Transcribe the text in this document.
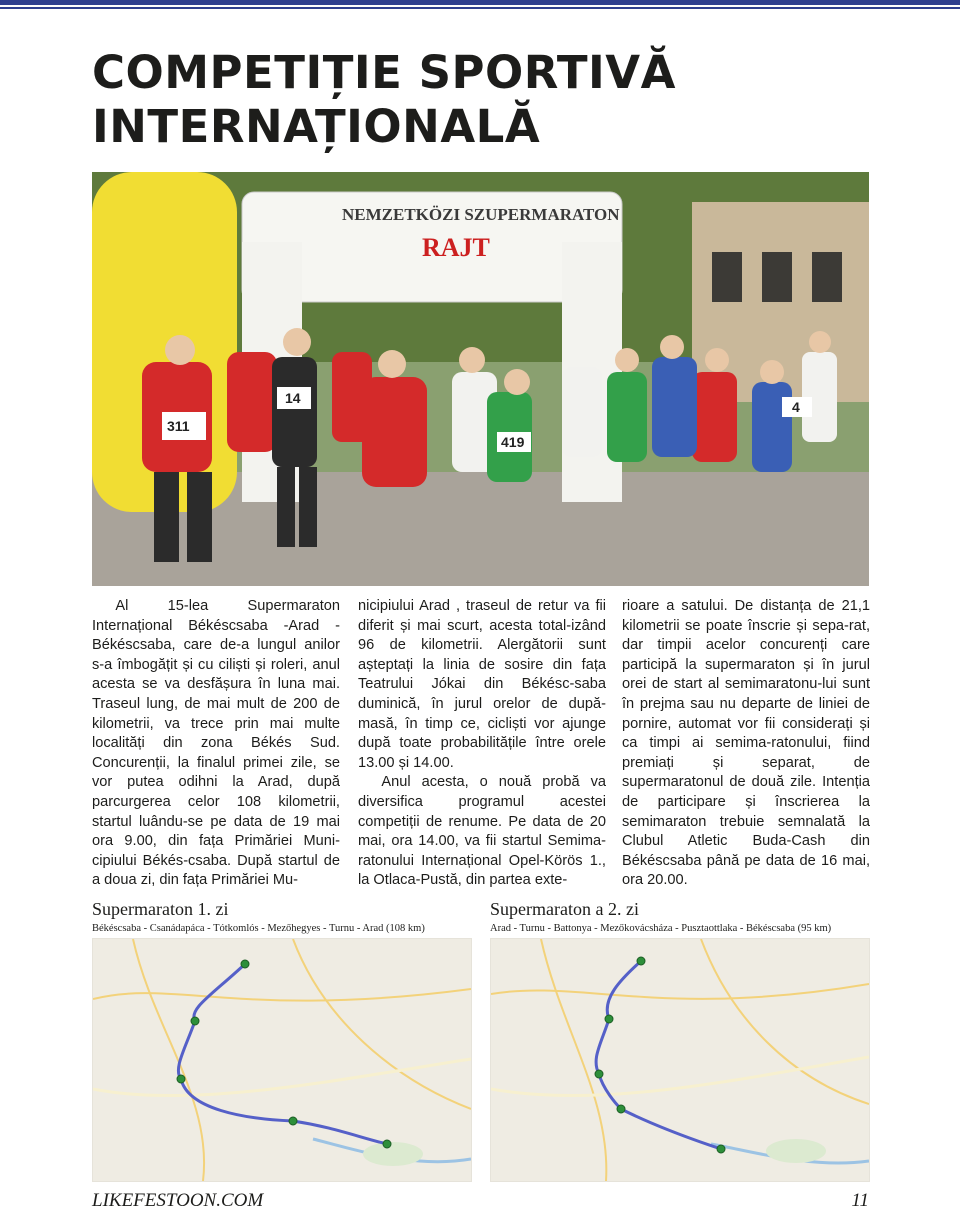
COMPETIȚIE SPORTIVĂ INTERNAȚIONALĂ
NEMZETKÖZI SZUPERMARATON
RAJT
311
14
419
4

Al 15-lea Supermaraton Internațional Békéscsaba -Arad - Békéscsaba, care de-a lungul anilor s-a îmbogățit și cu ciliști și roleri, anul acesta se va desfășura în luna mai. Traseul lung, de mai mult de 200 de kilometrii, va trece prin mai multe localități din zona Békés Sud. Concurenții, la finalul primei zile, se vor putea odihni la Arad, după parcurgerea celor 108 kilometrii, startul luându-se pe data de 19 mai ora 9.00, din fața Primăriei Muni-cipiului Békés-csaba. După startul de a doua zi, din fața Primăriei Mu-

nicipiului Arad , traseul de retur va fii diferit și mai scurt, acesta total-izând 96 de kilometrii. Alergătorii sunt așteptați la linia de sosire din fața Teatrului Jókai din Békésc-saba duminică, în jurul orelor de după-masă, în timp ce, cicliști vor ajunge după toate probabilitățile între orele 13.00 și 14.00.

Anul acesta, o nouă probă va diversifica programul acestei competiții de renume. Pe data de 20 mai, ora 14.00, va fii startul Semima-ratonului Internațional Opel-Körös 1., la Otlaca-Pustă, din partea exte-

rioare a satului. De distanța de 21,1 kilometrii se poate înscrie și sepa-rat, dar timpii acelor concurenți care participă la supermaraton și în jurul orei de start al semimaratonu-lui sunt în prejma sau nu departe de liniei de pornire, automat vor fii considerați și ca timpi ai semima-ratonului, fiind premiați și separat, de supermaratonul de două zile. Intenția de participare și înscrierea la semimaraton trebuie semnalată la Clubul Atletic Buda-Cash din Békéscsaba până pe data de 16 mai, ora 20.00.

Supermaraton 1. zi
Békéscsaba - Csanádapáca - Tótkomlós - Mezőhegyes - Turnu - Arad (108 km)
Supermaraton a 2. zi
Arad - Turnu - Battonya - Mezőkovácsháza - Pusztaottlaka - Békéscsaba (95 km)
LIKEFESTOON.COM	11
